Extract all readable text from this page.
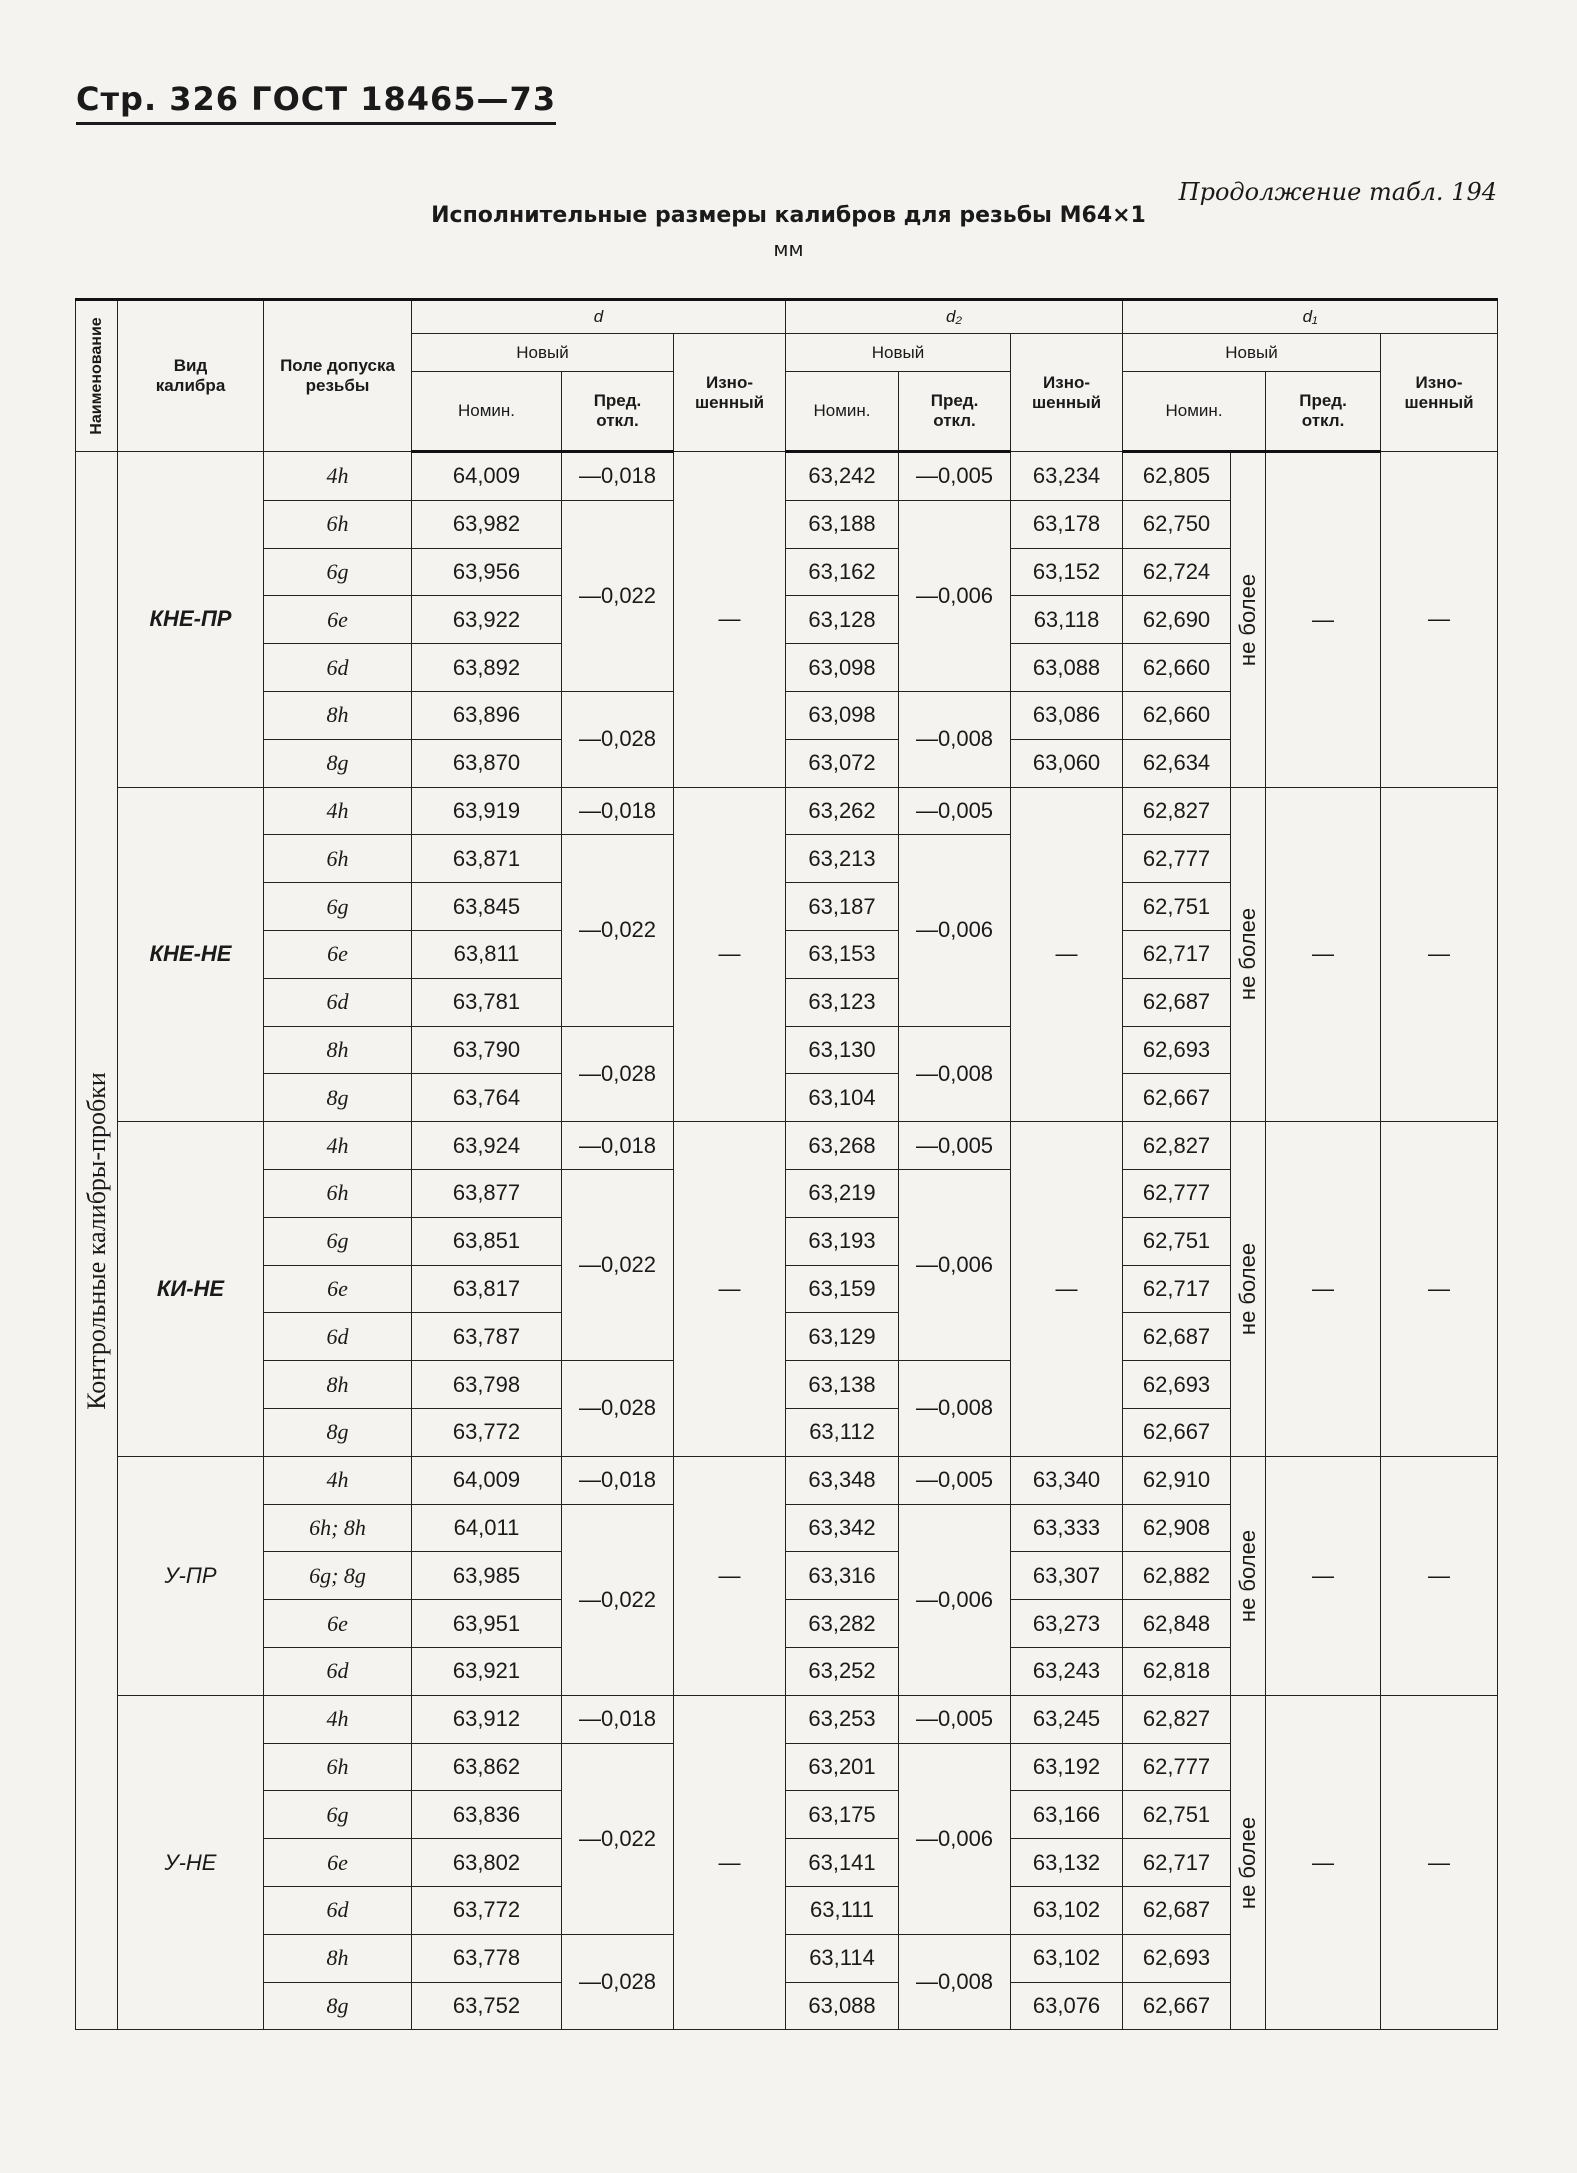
Стр. 326 ГОСТ 18465—73
Продолжение табл. 194
Исполнительные размеры калибров для резьбы М64×1
мм
Наименование	Вид калибра	Поле допуска резьбы	d			d₂			d₁			
			Новый		Изно-шенный	Новый		Изно-шенный	Новый			Изно-шенный

			Номин.	Пред. откл.		Номин.	Пред. откл.		Номин.		Пред. откл.	

Контрольные калибры-пробки	КНЕ-ПР	4h	64,009	—0,018	—	63,242	—0,005	63,234	62,805	не более	—	—
		6h	63,982	—0,022		63,188	—0,006	63,178	62,750			
		6g	63,956			63,162		63,152	62,724			
		6e	63,922			63,128		63,118	62,690			
		6d	63,892			63,098		63,088	62,660			
		8h	63,896	—0,028		63,098	—0,008	63,086	62,660			
		8g	63,870			63,072		63,060	62,634			
	КНЕ-НЕ	4h	63,919	—0,018	—	63,262	—0,005	—	62,827	не более	—	—
		6h	63,871	—0,022		63,213	—0,006		62,777			
		6g	63,845			63,187			62,751			
		6e	63,811			63,153			62,717			
		6d	63,781			63,123			62,687			
		8h	63,790	—0,028		63,130	—0,008		62,693			
		8g	63,764			63,104			62,667			
	КИ-НЕ	4h	63,924	—0,018	—	63,268	—0,005	—	62,827	не более	—	—
		6h	63,877	—0,022		63,219	—0,006		62,777			
		6g	63,851			63,193			62,751			
		6e	63,817			63,159			62,717			
		6d	63,787			63,129			62,687			
		8h	63,798	—0,028		63,138	—0,008		62,693			
		8g	63,772			63,112			62,667			
	У-ПР	4h	64,009	—0,018	—	63,348	—0,005	63,340	62,910	не более	—	—
		6h; 8h	64,011	—0,022		63,342	—0,006	63,333	62,908			
		6g; 8g	63,985			63,316		63,307	62,882			
		6e	63,951			63,282		63,273	62,848			
		6d	63,921			63,252		63,243	62,818			
	У-НЕ	4h	63,912	—0,018	—	63,253	—0,005	63,245	62,827	не более	—	—
		6h	63,862	—0,022		63,201	—0,006	63,192	62,777			
		6g	63,836			63,175		63,166	62,751			
		6e	63,802			63,141		63,132	62,717			
		6d	63,772			63,111		63,102	62,687			
		8h	63,778	—0,028		63,114	—0,008	63,102	62,693			
		8g	63,752			63,088		63,076	62,667			
